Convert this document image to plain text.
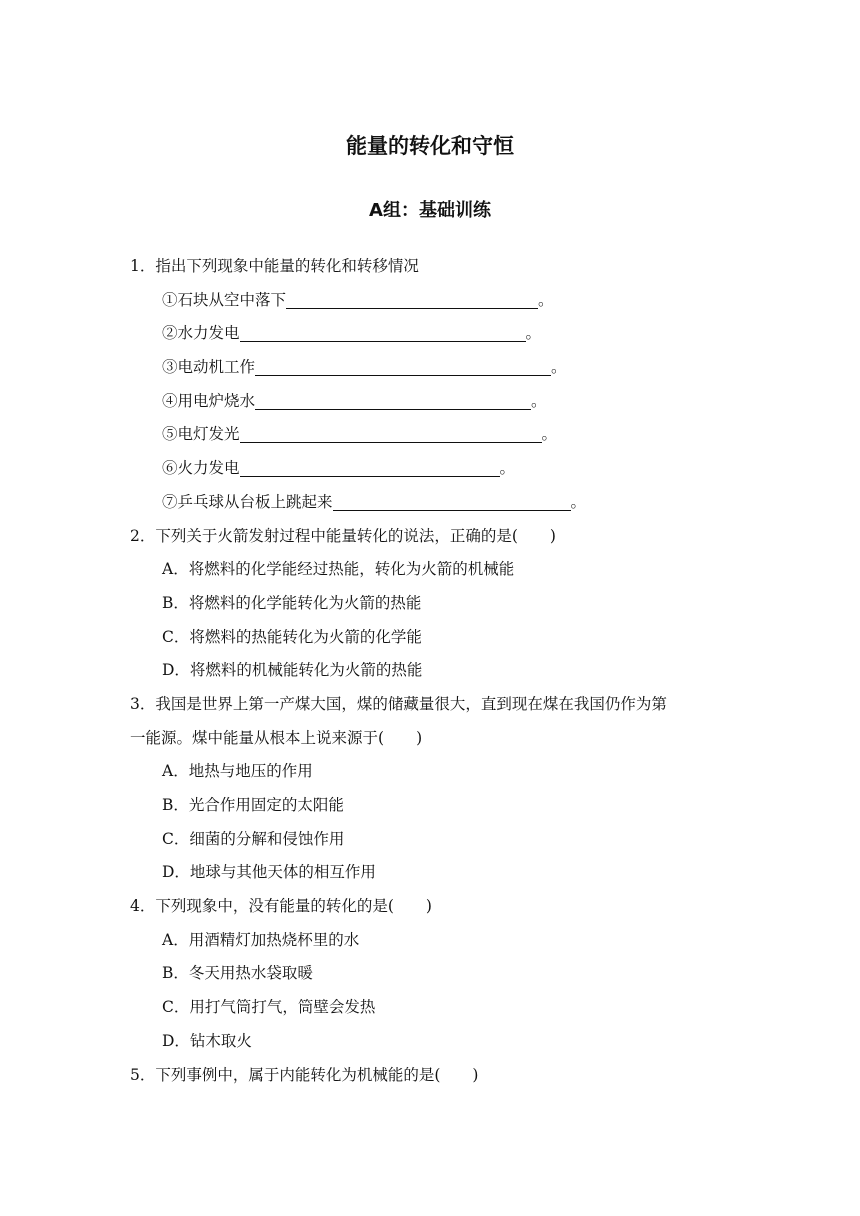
能量的转化和守恒
A组：基础训练
1．指出下列现象中能量的转化和转移情况
①石块从空中落下	。
②水力发电	。
③电动机工作	。
④用电炉烧水	。
⑤电灯发光	。
⑥火力发电	。
⑦乒乓球从台板上跳起来	。
2．下列关于火箭发射过程中能量转化的说法，正确的是( )
A．将燃料的化学能经过热能，转化为火箭的机械能
B．将燃料的化学能转化为火箭的热能
C．将燃料的热能转化为火箭的化学能
D．将燃料的机械能转化为火箭的热能
3．我国是世界上第一产煤大国，煤的储藏量很大，直到现在煤在我国仍作为第
一能源。煤中能量从根本上说来源于( )
A．地热与地压的作用
B．光合作用固定的太阳能
C．细菌的分解和侵蚀作用
D．地球与其他天体的相互作用
4．下列现象中，没有能量的转化的是( )
A．用酒精灯加热烧杯里的水
B．冬天用热水袋取暖
C．用打气筒打气，筒壁会发热
D．钻木取火
5．下列事例中，属于内能转化为机械能的是( )
